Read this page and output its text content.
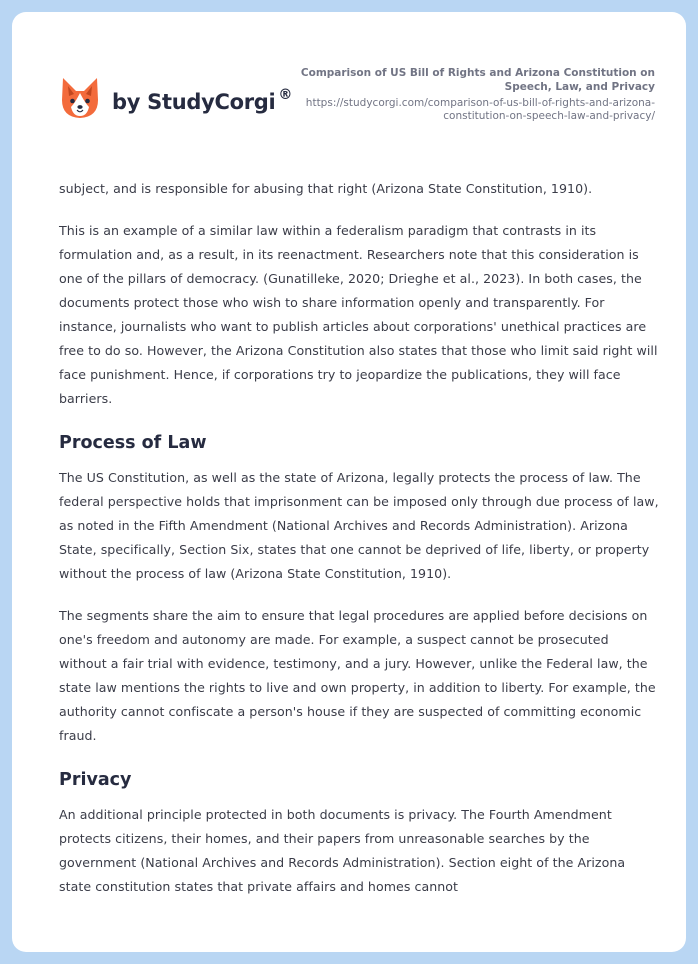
by StudyCorgi ®
Comparison of US Bill of Rights and Arizona Constitution on Speech, Law, and Privacy
https://studycorgi.com/comparison-of-us-bill-of-rights-and-arizona-constitution-on-speech-law-and-privacy/

subject, and is responsible for abusing that right (Arizona State Constitution, 1910).

This is an example of a similar law within a federalism paradigm that contrasts in its formulation and, as a result, in its reenactment. Researchers note that this consideration is one of the pillars of democracy. (Gunatilleke, 2020; Drieghe et al., 2023). In both cases, the documents protect those who wish to share information openly and transparently. For instance, journalists who want to publish articles about corporations' unethical practices are free to do so. However, the Arizona Constitution also states that those who limit said right will face punishment. Hence, if corporations try to jeopardize the publications, they will face barriers.

Process of Law

The US Constitution, as well as the state of Arizona, legally protects the process of law. The federal perspective holds that imprisonment can be imposed only through due process of law, as noted in the Fifth Amendment (National Archives and Records Administration). Arizona State, specifically, Section Six, states that one cannot be deprived of life, liberty, or property without the process of law (Arizona State Constitution, 1910).

The segments share the aim to ensure that legal procedures are applied before decisions on one's freedom and autonomy are made. For example, a suspect cannot be prosecuted without a fair trial with evidence, testimony, and a jury. However, unlike the Federal law, the state law mentions the rights to live and own property, in addition to liberty. For example, the authority cannot confiscate a person's house if they are suspected of committing economic fraud.

Privacy

An additional principle protected in both documents is privacy. The Fourth Amendment protects citizens, their homes, and their papers from unreasonable searches by the government (National Archives and Records Administration). Section eight of the Arizona state constitution states that private affairs and homes cannot
